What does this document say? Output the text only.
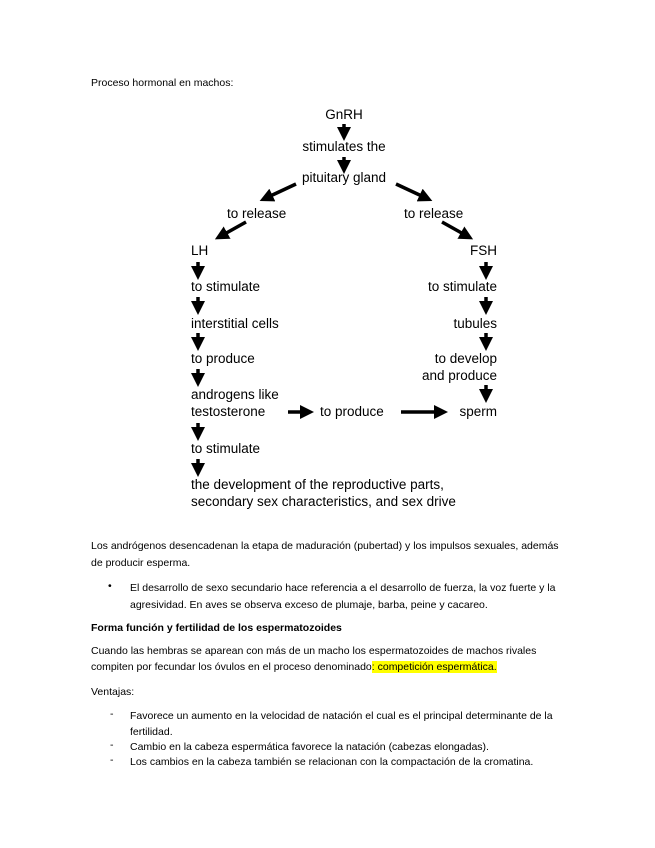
Proceso hormonal en machos:
GnRH
stimulates the
pituitary gland
to release	to release
LH	FSH
to stimulate	to stimulate
interstitial cells	tubules
to produce	to develop
and produce
androgens like
testosterone	to produce	sperm
to stimulate
the development of the reproductive parts,
secondary sex characteristics, and sex drive
Los andrógenos desencadenan la etapa de maduración (pubertad) y los impulsos sexuales, además
de producir esperma.
• El desarrollo de sexo secundario hace referencia a el desarrollo de fuerza, la voz fuerte y la
agresividad. En aves se observa exceso de plumaje, barba, peine y cacareo.
Forma función y fertilidad de los espermatozoides
Cuando las hembras se aparean con más de un macho los espermatozoides de machos rivales
compiten por fecundar los óvulos en el proceso denominado: competición espermática.
Ventajas:
- Favorece un aumento en la velocidad de natación el cual es el principal determinante de la
fertilidad.
- Cambio en la cabeza espermática favorece la natación (cabezas elongadas).
- Los cambios en la cabeza también se relacionan con la compactación de la cromatina.
